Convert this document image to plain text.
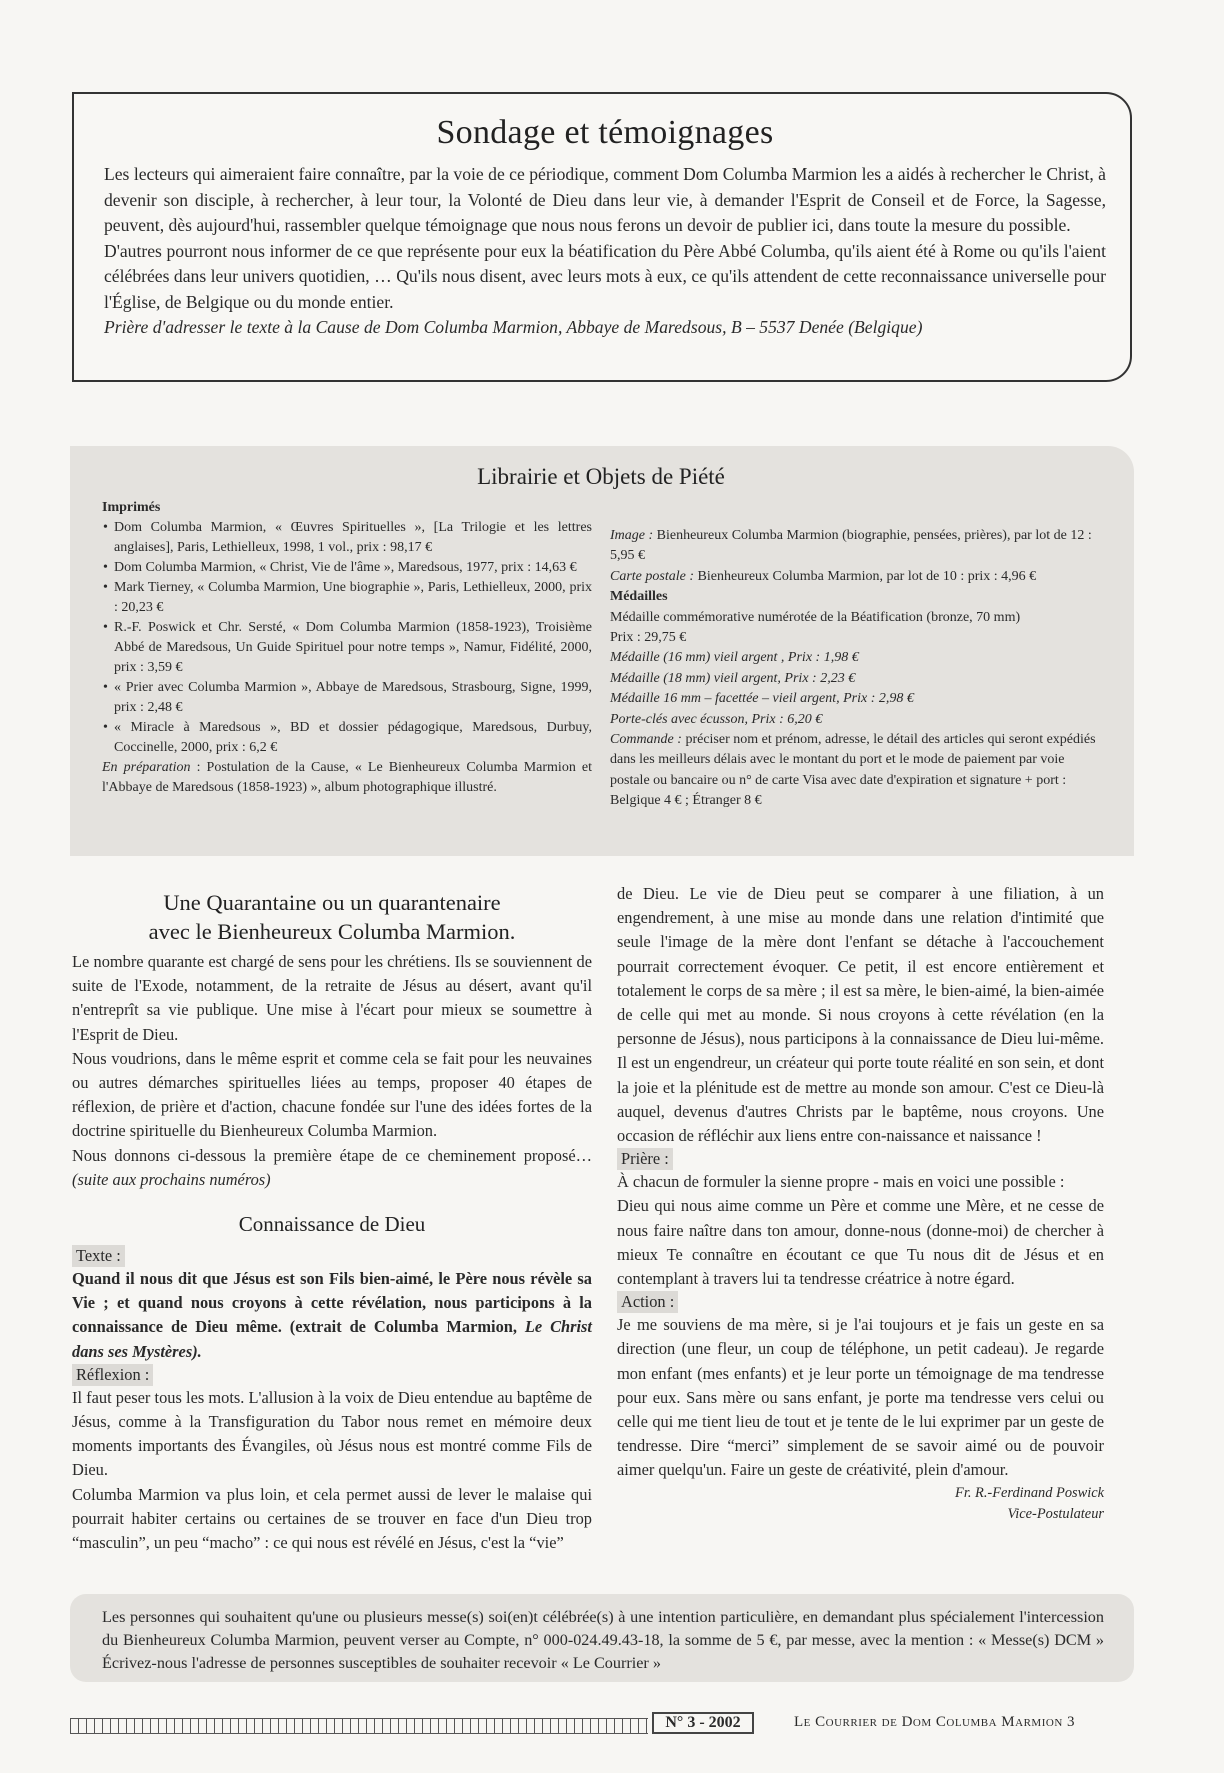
Sondage et témoignages

Les lecteurs qui aimeraient faire connaître, par la voie de ce périodique, comment Dom Columba Marmion les a aidés à rechercher le Christ, à devenir son disciple, à rechercher, à leur tour, la Volonté de Dieu dans leur vie, à demander l'Esprit de Conseil et de Force, la Sagesse, peuvent, dès aujourd'hui, rassembler quelque témoignage que nous nous ferons un devoir de publier ici, dans toute la mesure du possible.

D'autres pourront nous informer de ce que représente pour eux la béatification du Père Abbé Columba, qu'ils aient été à Rome ou qu'ils l'aient célébrées dans leur univers quotidien, … Qu'ils nous disent, avec leurs mots à eux, ce qu'ils attendent de cette reconnaissance universelle pour l'Église, de Belgique ou du monde entier.

Prière d'adresser le texte à la Cause de Dom Columba Marmion, Abbaye de Maredsous, B – 5537 Denée (Belgique)

Librairie et Objets de Piété

Imprimés

• Dom Columba Marmion, « Œuvres Spirituelles », [La Trilogie et les lettres anglaises], Paris, Lethielleux, 1998, 1 vol., prix : 98,17 €
• Dom Columba Marmion, « Christ, Vie de l'âme », Maredsous, 1977, prix : 14,63 €
• Mark Tierney, « Columba Marmion, Une biographie », Paris, Lethielleux, 2000, prix : 20,23 €
• R.-F. Poswick et Chr. Sersté, « Dom Columba Marmion (1858-1923), Troisième Abbé de Maredsous, Un Guide Spirituel pour notre temps », Namur, Fidélité, 2000, prix : 3,59 €
• « Prier avec Columba Marmion », Abbaye de Maredsous, Strasbourg, Signe, 1999, prix : 2,48 €
• « Miracle à Maredsous », BD et dossier pédagogique, Maredsous, Durbuy, Coccinelle, 2000, prix : 6,2 €

En préparation : Postulation de la Cause, « Le Bienheureux Columba Marmion et l'Abbaye de Maredsous (1858-1923) », album photographique illustré.

Image : Bienheureux Columba Marmion (biographie, pensées, prières), par lot de 12 : 5,95 €

Carte postale : Bienheureux Columba Marmion, par lot de 10 : prix : 4,96 €

Médailles

Médaille commémorative numérotée de la Béatification (bronze, 70 mm)

Prix : 29,75 €

Médaille (16 mm) vieil argent , Prix : 1,98 €

Médaille (18 mm) vieil argent, Prix : 2,23 €

Médaille 16 mm – facettée – vieil argent, Prix : 2,98 €

Porte-clés avec écusson, Prix : 6,20 €

Commande : préciser nom et prénom, adresse, le détail des articles qui seront expédiés dans les meilleurs délais avec le montant du port et le mode de paiement par voie postale ou bancaire ou n° de carte Visa avec date d'expiration et signature + port : Belgique 4 € ; Étranger 8 €

Une Quarantaine ou un quarantenaire
avec le Bienheureux Columba Marmion.

Le nombre quarante est chargé de sens pour les chrétiens. Ils se souviennent de suite de l'Exode, notamment, de la retraite de Jésus au désert, avant qu'il n'entreprît sa vie publique. Une mise à l'écart pour mieux se soumettre à l'Esprit de Dieu.

Nous voudrions, dans le même esprit et comme cela se fait pour les neuvaines ou autres démarches spirituelles liées au temps, proposer 40 étapes de réflexion, de prière et d'action, chacune fondée sur l'une des idées fortes de la doctrine spirituelle du Bienheureux Columba Marmion.

Nous donnons ci-dessous la première étape de ce cheminement proposé… (suite aux prochains numéros)

Connaissance de Dieu
Texte :

Quand il nous dit que Jésus est son Fils bien-aimé, le Père nous révèle sa Vie ; et quand nous croyons à cette révélation, nous participons à la connaissance de Dieu même. (extrait de Columba Marmion, Le Christ dans ses Mystères).

Réflexion :

Il faut peser tous les mots. L'allusion à la voix de Dieu entendue au baptême de Jésus, comme à la Transfiguration du Tabor nous remet en mémoire deux moments importants des Évangiles, où Jésus nous est montré comme Fils de Dieu.

Columba Marmion va plus loin, et cela permet aussi de lever le malaise qui pourrait habiter certains ou certaines de se trouver en face d'un Dieu trop “masculin”, un peu “macho” : ce qui nous est révélé en Jésus, c'est la “vie”

de Dieu. Le vie de Dieu peut se comparer à une filiation, à un engendrement, à une mise au monde dans une relation d'intimité que seule l'image de la mère dont l'enfant se détache à l'accouchement pourrait correctement évoquer. Ce petit, il est encore entièrement et totalement le corps de sa mère ; il est sa mère, le bien-aimé, la bien-aimée de celle qui met au monde. Si nous croyons à cette révélation (en la personne de Jésus), nous participons à la connaissance de Dieu lui-même. Il est un engendreur, un créateur qui porte toute réalité en son sein, et dont la joie et la plénitude est de mettre au monde son amour. C'est ce Dieu-là auquel, devenus d'autres Christs par le baptême, nous croyons. Une occasion de réfléchir aux liens entre con-naissance et naissance !

Prière :

À chacun de formuler la sienne propre - mais en voici une possible :

Dieu qui nous aime comme un Père et comme une Mère, et ne cesse de nous faire naître dans ton amour, donne-nous (donne-moi) de chercher à mieux Te connaître en écoutant ce que Tu nous dit de Jésus et en contemplant à travers lui ta tendresse créatrice à notre égard.

Action :

Je me souviens de ma mère, si je l'ai toujours et je fais un geste en sa direction (une fleur, un coup de téléphone, un petit cadeau). Je regarde mon enfant (mes enfants) et je leur porte un témoignage de ma tendresse pour eux. Sans mère ou sans enfant, je porte ma tendresse vers celui ou celle qui me tient lieu de tout et je tente de le lui exprimer par un geste de tendresse. Dire “merci” simplement de se savoir aimé ou de pouvoir aimer quelqu'un. Faire un geste de créativité, plein d'amour.

Fr. R.-Ferdinand Poswick

Vice-Postulateur

Les personnes qui souhaitent qu'une ou plusieurs messe(s) soi(en)t célébrée(s) à une intention particulière, en demandant plus spécialement l'intercession du Bienheureux Columba Marmion, peuvent verser au Compte, n° 000-024.49.43-18, la somme de 5 €, par messe, avec la mention : « Messe(s) DCM » Écrivez-nous l'adresse de personnes susceptibles de souhaiter recevoir « Le Courrier »

N° 3 - 2002	Le Courrier de Dom Columba Marmion 3
